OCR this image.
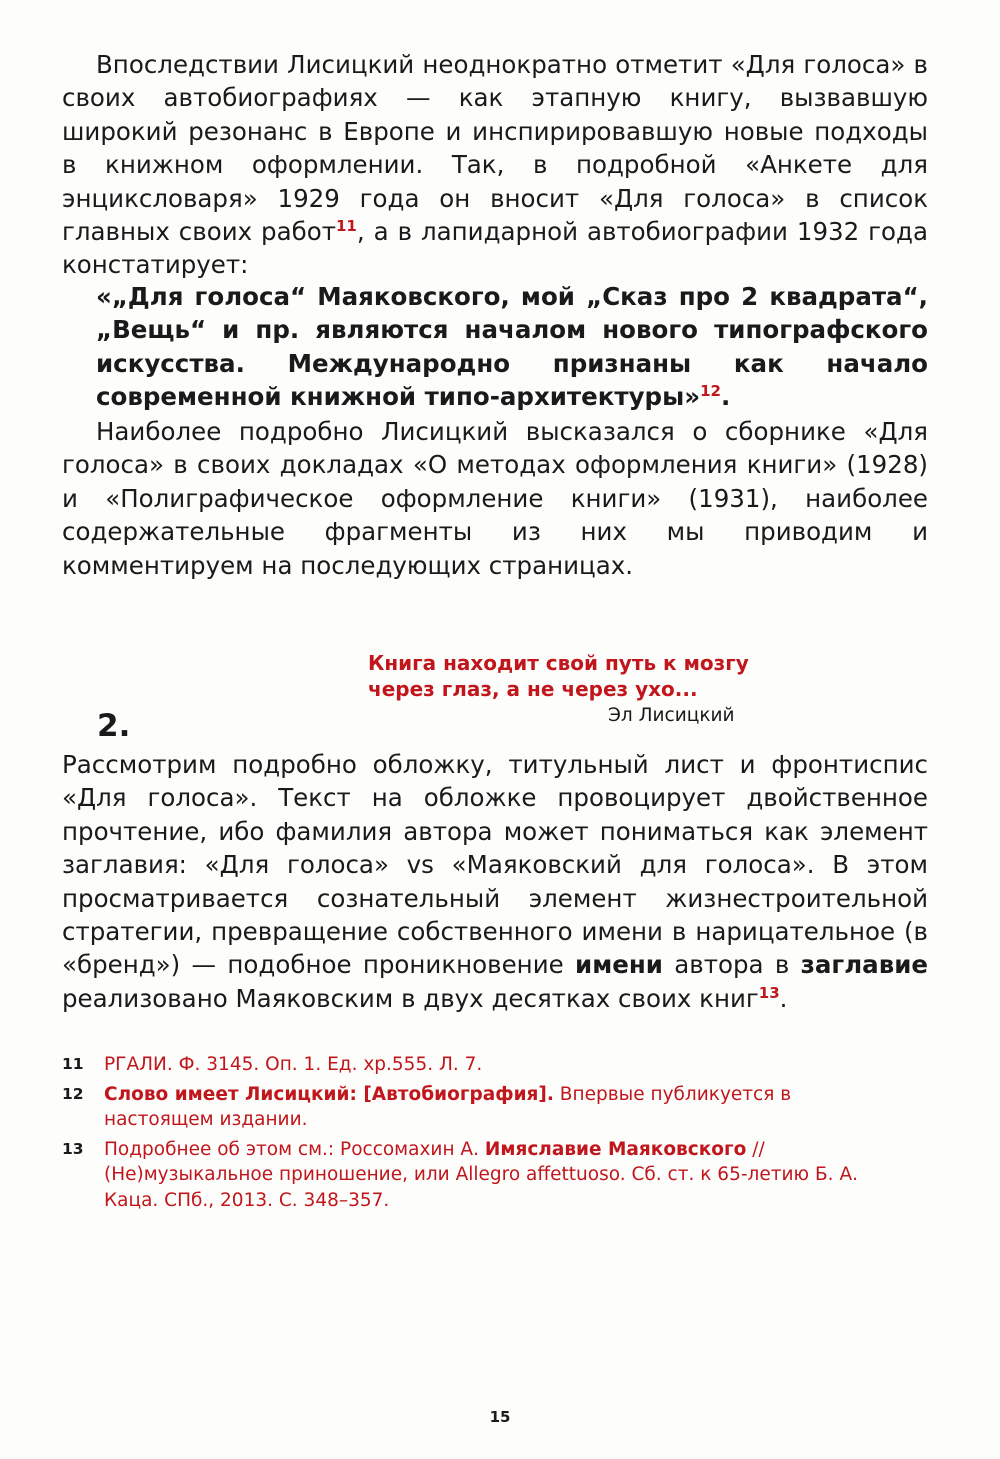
Впоследствии Лисицкий неоднократно отметит «Для голоса» в своих автобиографиях — как этапную книгу, вызвавшую широкий резонанс в Европе и инспирировавшую новые подходы в книжном оформлении. Так, в подробной «Анкете для энциксловаря» 1929 года он вносит «Для голоса» в список главных своих работ$^{11}$, а в лапидарной автобиографии 1932 года констатирует:

«„Для голоса“ Маяковского, мой „Сказ про 2 квадрата“, „Вещь“ и пр. являются началом нового типографского искусства. Международно признаны как начало современной книжной типо-архитектуры»$^{12}$.

Наиболее подробно Лисицкий высказался о сборнике «Для голоса» в своих докладах «О методах оформления книги» (1928) и «Полиграфическое оформление книги» (1931), наиболее содержательные фрагменты из них мы приводим и комментируем на последующих страницах.

Книга находит свой путь к мозгу

через глаз, а не через ухо...

Эл Лисицкий

2.

Рассмотрим подробно обложку, титульный лист и фронтиспис «Для голоса». Текст на обложке провоцирует двойственное прочтение, ибо фамилия автора может пониматься как элемент заглавия: «Для голоса» vs «Маяковский для голоса». В этом просматривается сознательный элемент жизнестроительной стратегии, превращение собственного имени в нарицательное (в «бренд») — подобное проникновение имени автора в заглавие реализовано Маяковским в двух десятках своих книг$^{13}$.

11	РГАЛИ. Ф. 3145. Оп. 1. Ед. хр.555. Л. 7.

12	Слово имеет Лисицкий: [Автобиография]. Впервые публикуется в настоящем издании.

13	Подробнее об этом см.: Россомахин А. Имяславие Маяковского // (Не)музыкальное приношение, или Allegro affettuoso. Сб. ст. к 65-летию Б. А. Каца. СПб., 2013. С. 348–357.

15
